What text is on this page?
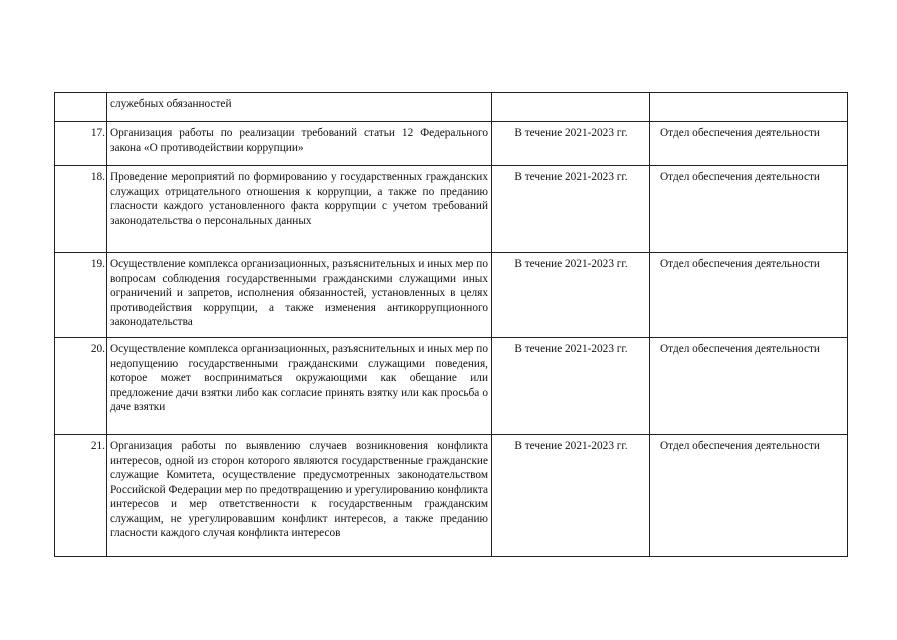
	служебных обязанностей		
17.	Организация работы по реализации требований статьи 12 Федерального закона «О противодействии коррупции»	В течение 2021-2023 гг.	Отдел обеспечения деятельности
18.	Проведение мероприятий по формированию у государственных гражданских служащих отрицательного отношения к коррупции, а также по преданию гласности каждого установленного факта коррупции с учетом требований законодательства о персональных данных	В течение 2021-2023 гг.	Отдел обеспечения деятельности
19.	Осуществление комплекса организационных, разъяснительных и иных мер по вопросам соблюдения государственными гражданскими служащими иных ограничений и запретов, исполнения обязанностей, установленных в целях противодействия коррупции, а также изменения антикоррупционного законодательства	В течение 2021-2023 гг.	Отдел обеспечения деятельности
20.	Осуществление комплекса организационных, разъяснительных и иных мер по недопущению государственными гражданскими служащими поведения, которое может восприниматься окружающими как обещание или предложение дачи взятки либо как согласие принять взятку или как просьба о даче взятки	В течение 2021-2023 гг.	Отдел обеспечения деятельности
21.	Организация работы по выявлению случаев возникновения конфликта интересов, одной из сторон которого являются государственные гражданские служащие Комитета, осуществление предусмотренных законодательством Российской Федерации мер по предотвращению и урегулированию конфликта интересов и мер ответственности к государственным гражданским служащим, не урегулировавшим конфликт интересов, а также преданию гласности каждого случая конфликта интересов	В течение 2021-2023 гг.	Отдел обеспечения деятельности
